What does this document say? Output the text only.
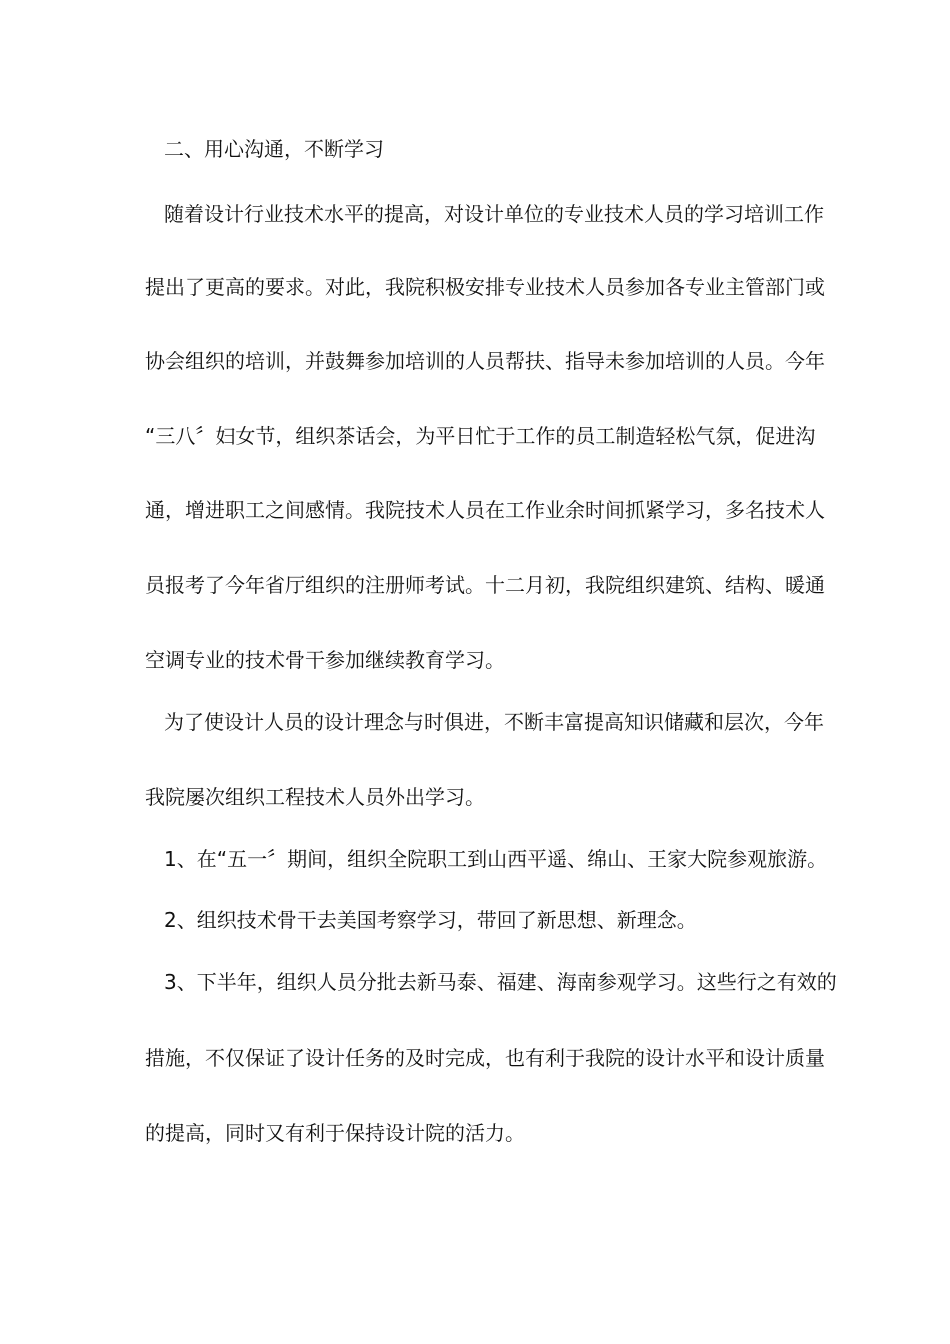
二、用心沟通，不断学习
随着设计行业技术水平的提高，对设计单位的专业技术人员的学习培训工作
提出了更高的要求。对此，我院积极安排专业技术人员参加各专业主管部门或
协会组织的培训，并鼓舞参加培训的人员帮扶、指导未参加培训的人员。今年
“三八〞妇女节，组织茶话会，为平日忙于工作的员工制造轻松气氛，促进沟
通，增进职工之间感情。我院技术人员在工作业余时间抓紧学习，多名技术人
员报考了今年省厅组织的注册师考试。十二月初，我院组织建筑、结构、暖通
空调专业的技术骨干参加继续教育学习。
为了使设计人员的设计理念与时俱进，不断丰富提高知识储藏和层次，今年
我院屡次组织工程技术人员外出学习。
1、在“五一〞期间，组织全院职工到山西平遥、绵山、王家大院参观旅游。
2、组织技术骨干去美国考察学习，带回了新思想、新理念。
3、下半年，组织人员分批去新马泰、福建、海南参观学习。这些行之有效的
措施，不仅保证了设计任务的及时完成，也有利于我院的设计水平和设计质量
的提高，同时又有利于保持设计院的活力。
